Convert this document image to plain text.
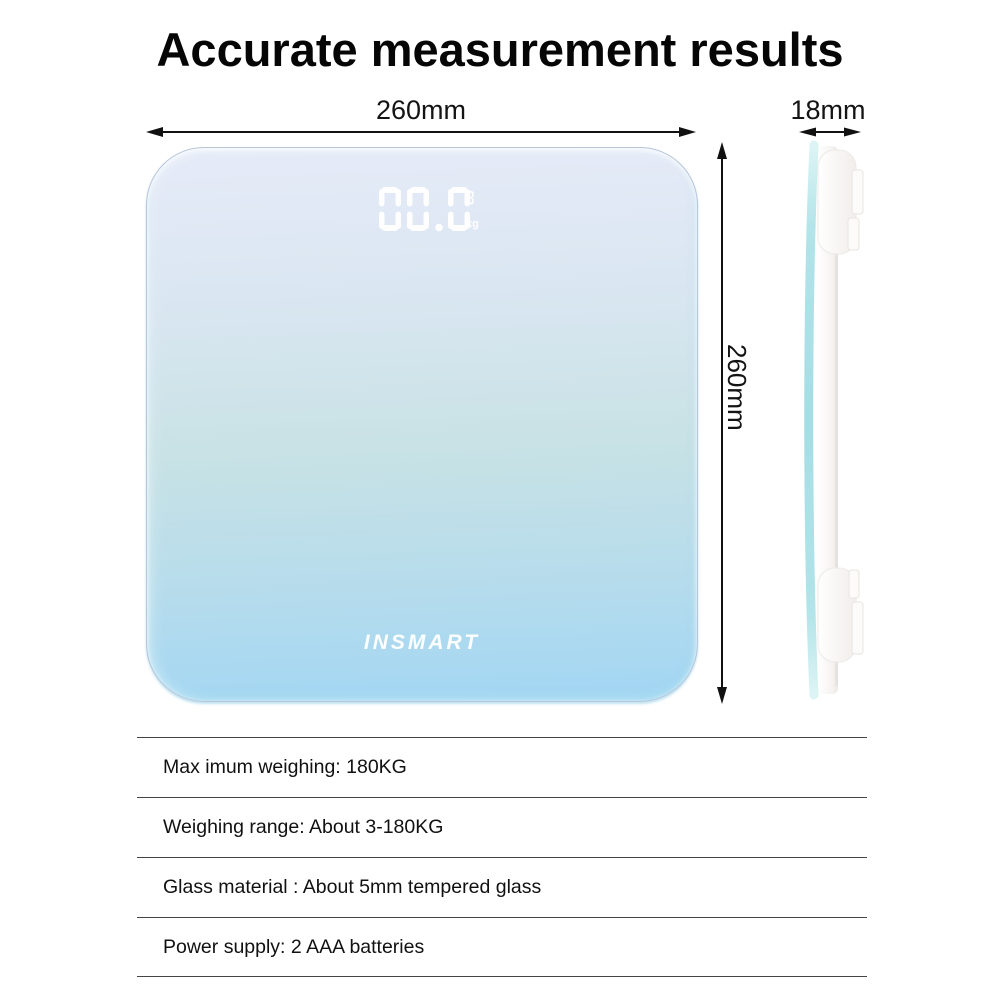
Accurate measurement results
260mm	18mm
260mm
kg
INSMART
Max imum weighing: 180KG
Weighing range: About 3-180KG
Glass material : About 5mm tempered glass
Power supply: 2 AAA batteries
